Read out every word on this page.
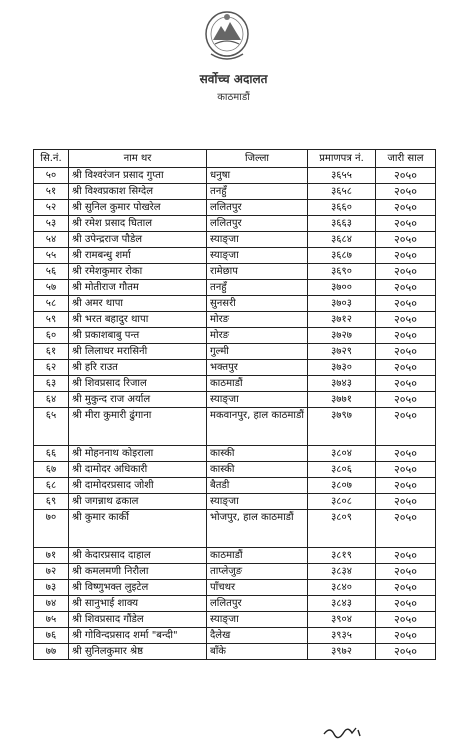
सर्वोच्च अदालत
काठमाडौं
सि.नं.	नाम थर	जिल्ला	प्रमाणपत्र नं.	जारी साल
५०	श्री विश्वरंजन प्रसाद गुप्ता	धनुषा	३६५५	२०५०
५१	श्री विश्वप्रकाश सिग्देल	तनहुँ	३६५८	२०५०
५२	श्री सुनिल कुमार पोखरेल	ललितपुर	३६६०	२०५०
५३	श्री रमेश प्रसाद घिताल	ललितपुर	३६६३	२०५०
५४	श्री उपेन्द्रराज पौडेल	स्याङ्जा	३६८४	२०५०
५५	श्री रामबन्धु शर्मा	स्याङ्जा	३६८७	२०५०
५६	श्री रमेशकुमार रोका	रामेछाप	३६९०	२०५०
५७	श्री मोतीराज गौतम	तनहुँ	३७००	२०५०
५८	श्री अमर थापा	सुनसरी	३७०३	२०५०
५९	श्री भरत बहादुर थापा	मोरङ	३७१२	२०५०
६०	श्री प्रकाशबाबु पन्त	मोरङ	३७२७	२०५०
६१	श्री लिलाधर मरासिनी	गुल्मी	३७२९	२०५०
६२	श्री हरि राउत	भक्तपुर	३७३०	२०५०
६३	श्री शिवप्रसाद रिजाल	काठमाडौं	३७४३	२०५०
६४	श्री मुकुन्द राज अर्याल	स्याङ्जा	३७७१	२०५०
६५	श्री मीरा कुमारी ढुंगाना	मकवानपुर, हाल काठमाडौं	३७९७	२०५०
६६	श्री मोहननाथ कोइराला	कास्की	३८०४	२०५०
६७	श्री दामोदर अधिकारी	कास्की	३८०६	२०५०
६८	श्री दामोदरप्रसाद जोशी	बैतडी	३८०७	२०५०
६९	श्री जगन्नाथ ढकाल	स्याङ्जा	३८०८	२०५०
७०	श्री कुमार कार्की	भोजपुर, हाल काठमाडौं	३८०९	२०५०
७१	श्री केदारप्रसाद दाहाल	काठमाडौं	३८१९	२०५०
७२	श्री कमलमणी निरौला	ताप्लेजुङ	३८३४	२०५०
७३	श्री विष्णुभक्त लुइटेल	पाँचथर	३८४०	२०५०
७४	श्री सानुभाई शाक्य	ललितपुर	३८४३	२०५०
७५	श्री शिवप्रसाद गौंडेल	स्याङ्जा	३९०४	२०५०
७६	श्री गोविन्दप्रसाद शर्मा "बन्दी"	दैलेख	३९३५	२०५०
७७	श्री सुनिलकुमार श्रेष्ठ	बाँके	३९७२	२०५०
